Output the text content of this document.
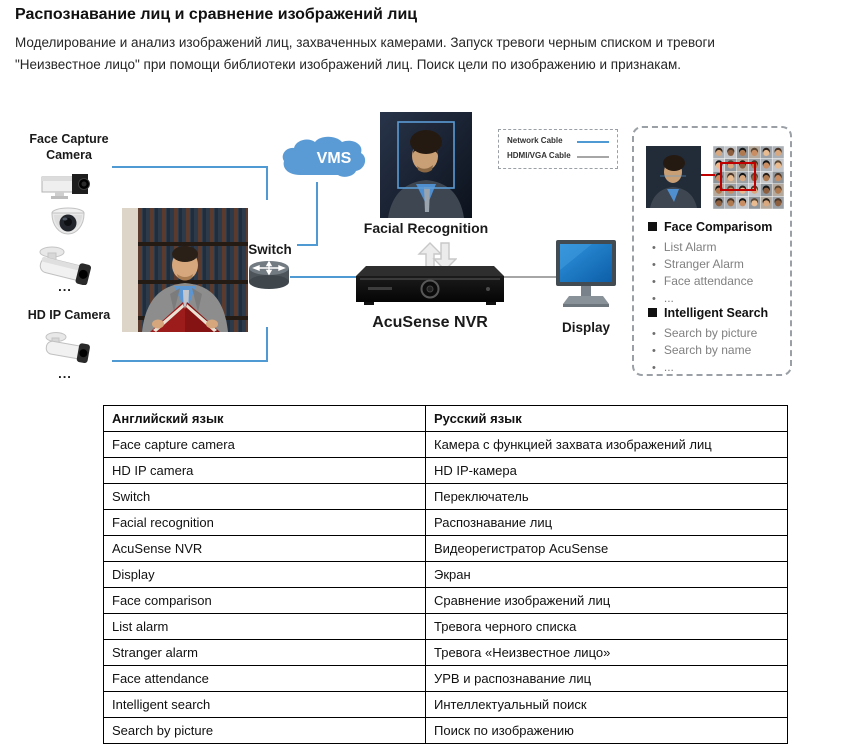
Распознавание лиц и сравнение изображений лиц
Моделирование и анализ изображений лиц, захваченных камерами. Запуск тревоги черным списком и тревоги
"Неизвестное лицо" при помощи библиотеки изображений лиц. Поиск цели по изображению и признакам.
Face Capture
Camera
...
HD IP Camera
...
VMS
Switch
Facial Recognition
AcuSense NVR	Display
Network Cable
HDMI/VGA Cable
Face Comparisom
• List Alarm
• Stranger Alarm
• Face attendance
• ...
Intelligent Search
• Search by picture
• Search by name
• ...
Английский язык	Русский язык
Face capture camera	Камера с функцией захвата изображений лиц
HD IP camera	HD IP-камера
Switch	Переключатель
Facial recognition	Распознавание лиц
AcuSense NVR	Видеорегистратор AcuSense
Display	Экран
Face comparison	Сравнение изображений лиц
List alarm	Тревога черного списка
Stranger alarm	Тревога «Неизвестное лицо»
Face attendance	УРВ и распознавание лиц
Intelligent search	Интеллектуальный поиск
Search by picture	Поиск по изображению
